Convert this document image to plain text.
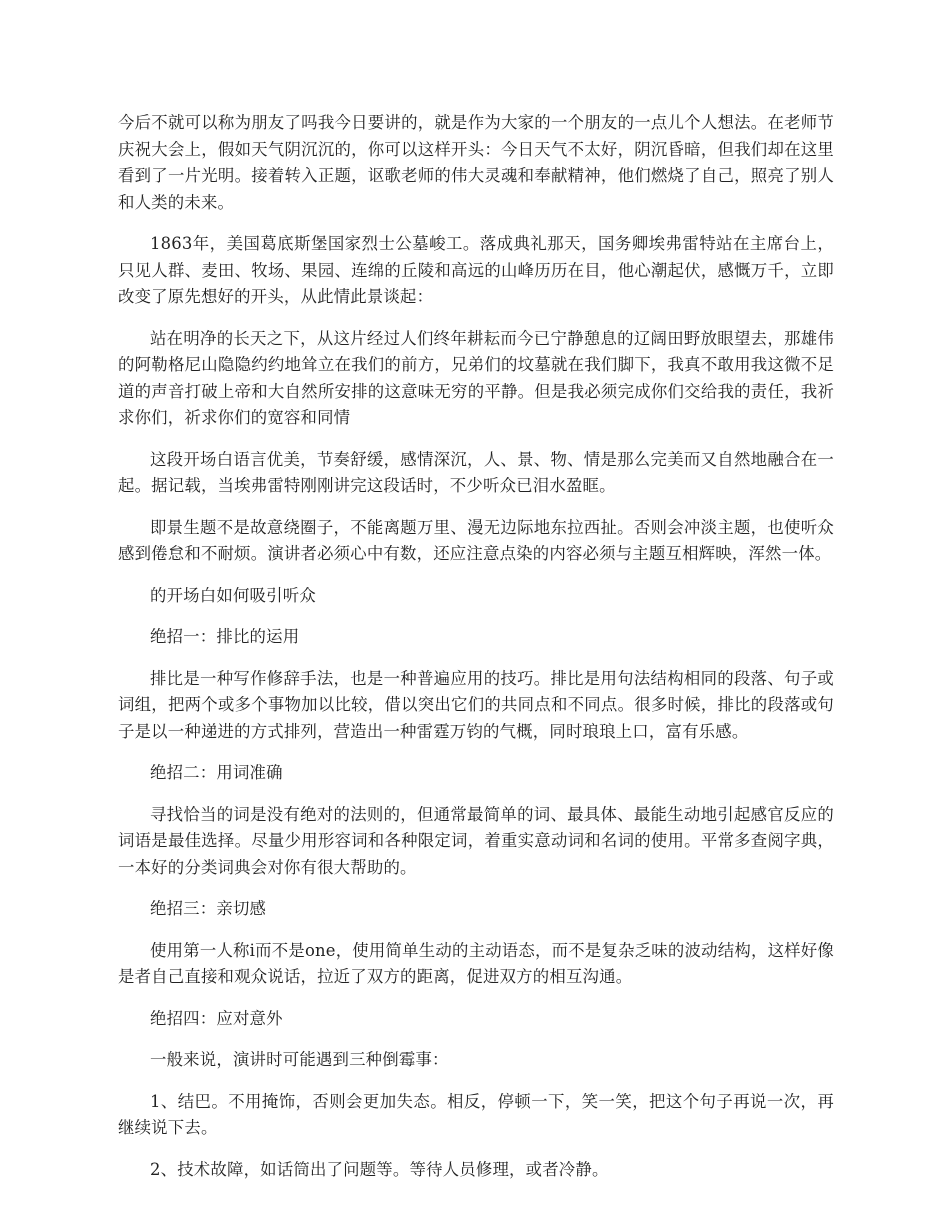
今后不就可以称为朋友了吗我今日要讲的，就是作为大家的一个朋友的一点儿个人想法。在老师节庆祝大会上，假如天气阴沉沉的，你可以这样开头：今日天气不太好，阴沉昏暗，但我们却在这里看到了一片光明。接着转入正题，讴歌老师的伟大灵魂和奉献精神，他们燃烧了自己，照亮了别人和人类的未来。

1863年，美国葛底斯堡国家烈士公墓峻工。落成典礼那天，国务卿埃弗雷特站在主席台上，只见人群、麦田、牧场、果园、连绵的丘陵和高远的山峰历历在目，他心潮起伏，感慨万千，立即改变了原先想好的开头，从此情此景谈起：

站在明净的长天之下，从这片经过人们终年耕耘而今已宁静憩息的辽阔田野放眼望去，那雄伟的阿勒格尼山隐隐约约地耸立在我们的前方，兄弟们的坟墓就在我们脚下，我真不敢用我这微不足道的声音打破上帝和大自然所安排的这意味无穷的平静。但是我必须完成你们交给我的责任，我祈求你们，祈求你们的宽容和同情

这段开场白语言优美，节奏舒缓，感情深沉，人、景、物、情是那么完美而又自然地融合在一起。据记载，当埃弗雷特刚刚讲完这段话时，不少听众已泪水盈眶。

即景生题不是故意绕圈子，不能离题万里、漫无边际地东拉西扯。否则会冲淡主题，也使听众感到倦怠和不耐烦。演讲者必须心中有数，还应注意点染的内容必须与主题互相辉映，浑然一体。

的开场白如何吸引听众

绝招一：排比的运用

排比是一种写作修辞手法，也是一种普遍应用的技巧。排比是用句法结构相同的段落、句子或词组，把两个或多个事物加以比较，借以突出它们的共同点和不同点。很多时候，排比的段落或句子是以一种递进的方式排列，营造出一种雷霆万钧的气概，同时琅琅上口，富有乐感。

绝招二：用词准确

寻找恰当的词是没有绝对的法则的，但通常最简单的词、最具体、最能生动地引起感官反应的词语是最佳选择。尽量少用形容词和各种限定词，着重实意动词和名词的使用。平常多查阅字典，一本好的分类词典会对你有很大帮助的。

绝招三：亲切感

使用第一人称i而不是one，使用简单生动的主动语态，而不是复杂乏味的波动结构，这样好像是者自己直接和观众说话，拉近了双方的距离，促进双方的相互沟通。

绝招四：应对意外

一般来说，演讲时可能遇到三种倒霉事：

1、结巴。不用掩饰，否则会更加失态。相反，停顿一下，笑一笑，把这个句子再说一次，再继续说下去。

2、技术故障，如话筒出了问题等。等待人员修理，或者冷静。
